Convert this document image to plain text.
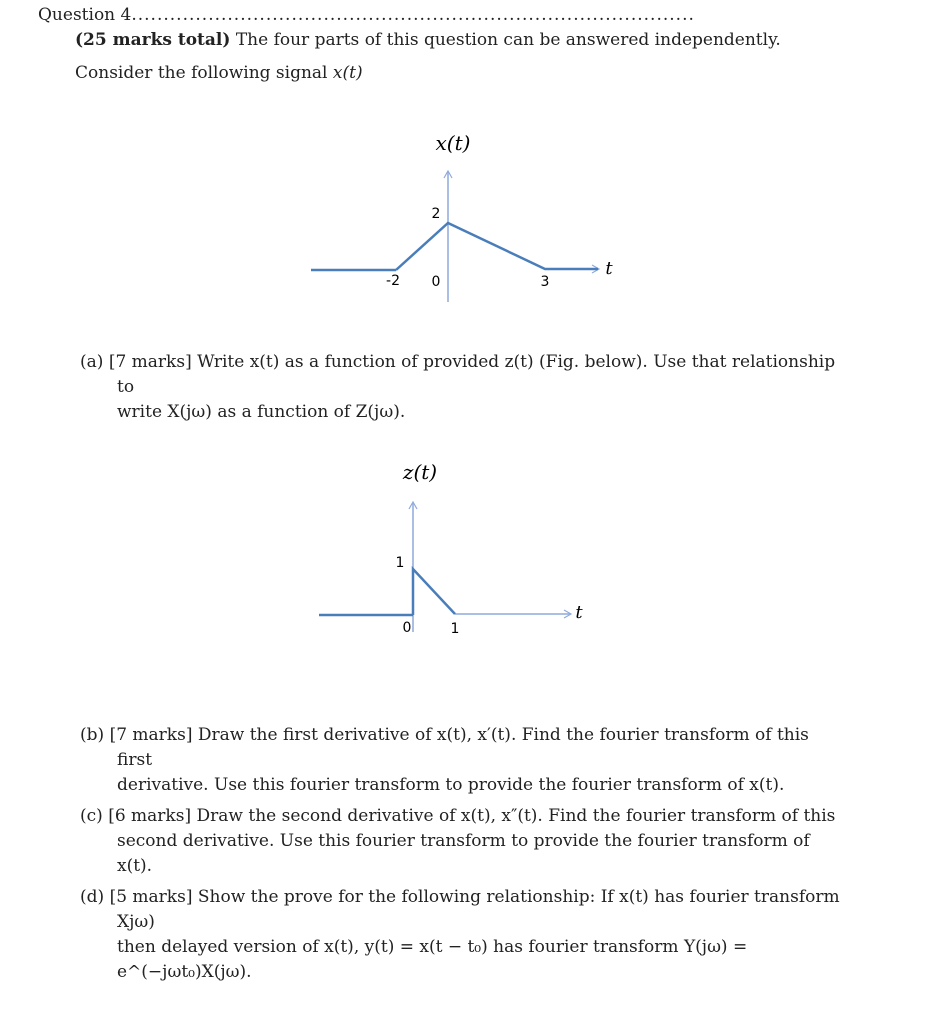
Question 4........................................................................................
(25 marks total) The four parts of this question can be answered independently.
Consider the following signal x(t)
x(t)
2
-2 0	3
t
z(t)
1
0	1
t
(a) [7 marks] Write x(t) as a function of provided z(t) (Fig. below). Use that relationship to
write X(jω) as a function of Z(jω).
(b) [7 marks] Draw the first derivative of x(t), x′(t). Find the fourier transform of this first
derivative. Use this fourier transform to provide the fourier transform of x(t).
(c) [6 marks] Draw the second derivative of x(t), x″(t). Find the fourier transform of this
second derivative. Use this fourier transform to provide the fourier transform of x(t).
(d) [5 marks] Show the prove for the following relationship: If x(t) has fourier transform Xjω)
then delayed version of x(t), y(t) = x(t − t₀) has fourier transform Y(jω) = e^(−jωt₀)X(jω).
